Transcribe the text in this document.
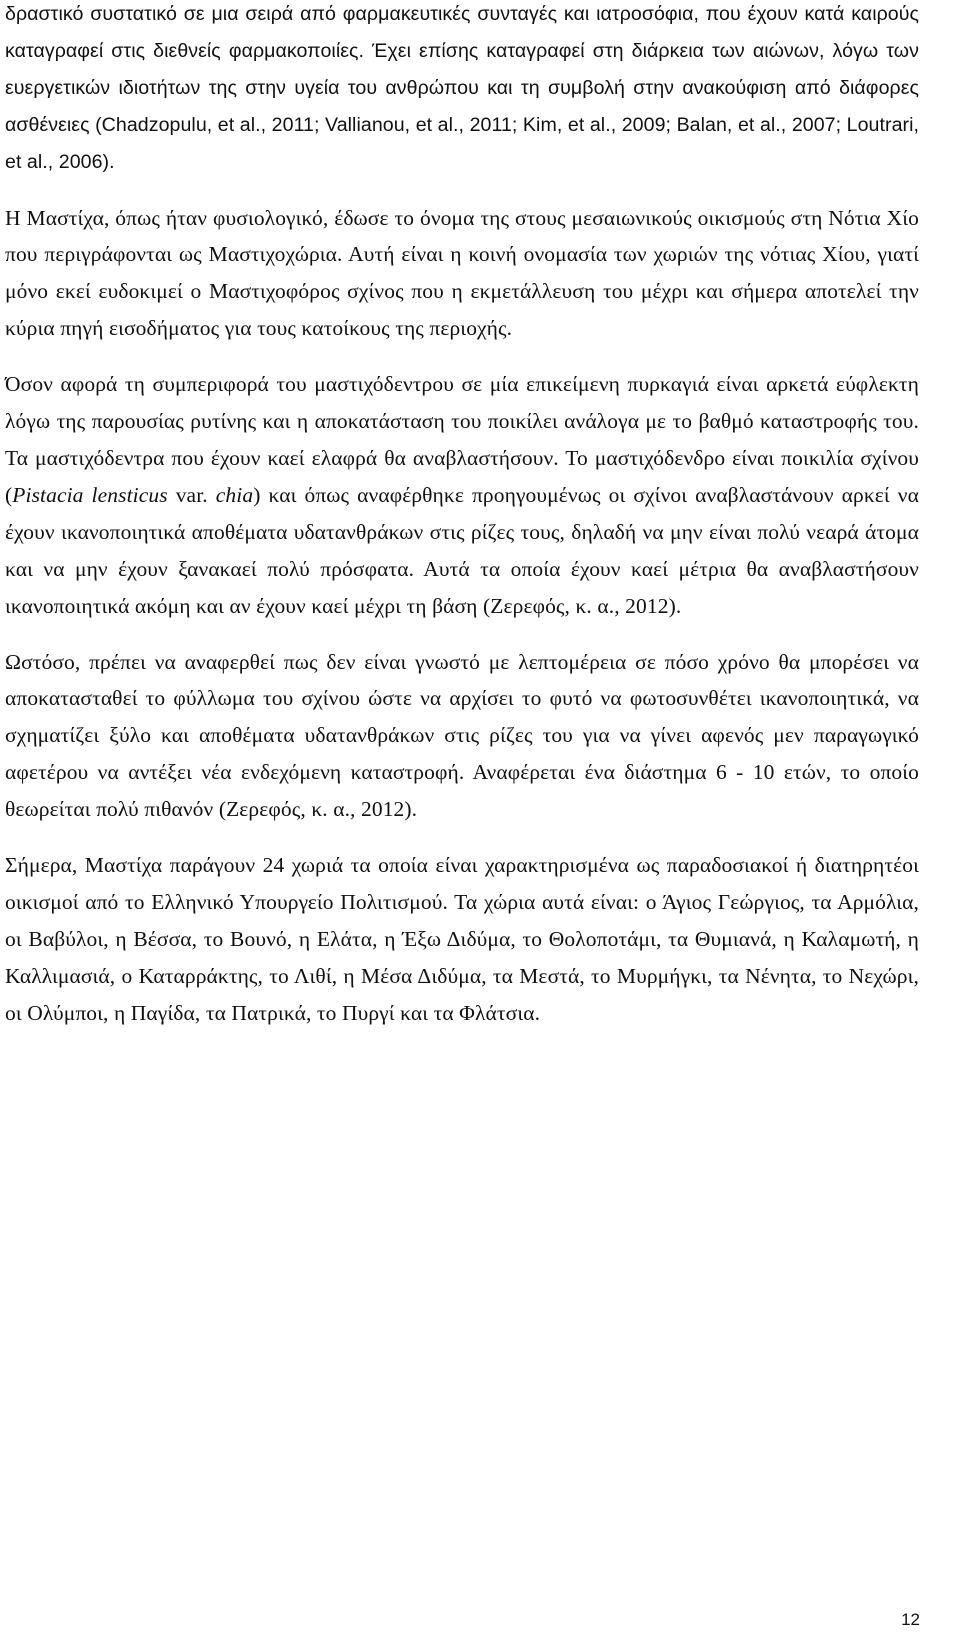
δραστικό συστατικό σε μια σειρά από φαρμακευτικές συνταγές και ιατροσόφια, που έχουν κατά καιρούς καταγραφεί στις διεθνείς φαρμακοποιίες. Έχει επίσης καταγραφεί στη διάρκεια των αιώνων, λόγω των ευεργετικών ιδιοτήτων της στην υγεία του ανθρώπου και τη συμβολή στην ανακούφιση από διάφορες ασθένειες (Chadzopulu, et al., 2011; Vallianou, et al., 2011; Kim, et al., 2009; Balan, et al., 2007; Loutrari, et al., 2006).

Η Μαστίχα, όπως ήταν φυσιολογικό, έδωσε το όνομα της στους μεσαιωνικούς οικισμούς στη Νότια Χίο που περιγράφονται ως Μαστιχοχώρια. Αυτή είναι η κοινή ονομασία των χωριών της νότιας Χίου, γιατί μόνο εκεί ευδοκιμεί ο Μαστιχοφόρος σχίνος που η εκμετάλλευση του μέχρι και σήμερα αποτελεί την κύρια πηγή εισοδήματος για τους κατοίκους της περιοχής.

Όσον αφορά τη συμπεριφορά του μαστιχόδεντρου σε μία επικείμενη πυρκαγιά είναι αρκετά εύφλεκτη λόγω της παρουσίας ρυτίνης και η αποκατάσταση του ποικίλει ανάλογα με το βαθμό καταστροφής του. Τα μαστιχόδεντρα που έχουν καεί ελαφρά θα αναβλαστήσουν. Το μαστιχόδενδρο είναι ποικιλία σχίνου (Pistacia lensticus var. chia) και όπως αναφέρθηκε προηγουμένως οι σχίνοι αναβλαστάνουν αρκεί να έχουν ικανοποιητικά αποθέματα υδατανθράκων στις ρίζες τους, δηλαδή να μην είναι πολύ νεαρά άτομα και να μην έχουν ξανακαεί πολύ πρόσφατα. Αυτά τα οποία έχουν καεί μέτρια θα αναβλαστήσουν ικανοποιητικά ακόμη και αν έχουν καεί μέχρι τη βάση (Ζερεφός, κ. α., 2012).

Ωστόσο, πρέπει να αναφερθεί πως δεν είναι γνωστό με λεπτομέρεια σε πόσο χρόνο θα μπορέσει να αποκατασταθεί το φύλλωμα του σχίνου ώστε να αρχίσει το φυτό να φωτοσυνθέτει ικανοποιητικά, να σχηματίζει ξύλο και αποθέματα υδατανθράκων στις ρίζες του για να γίνει αφενός μεν παραγωγικό αφετέρου να αντέξει νέα ενδεχόμενη καταστροφή. Αναφέρεται ένα διάστημα 6 - 10 ετών, το οποίο θεωρείται πολύ πιθανόν (Ζερεφός, κ. α., 2012).

Σήμερα, Μαστίχα παράγουν 24 χωριά τα οποία είναι χαρακτηρισμένα ως παραδοσιακοί ή διατηρητέοι οικισμοί από το Ελληνικό Υπουργείο Πολιτισμού. Τα χώρια αυτά είναι: ο Άγιος Γεώργιος, τα Αρμόλια, οι Βαβύλοι, η Βέσσα, το Βουνό, η Ελάτα, η Έξω Διδύμα, το Θολοποτάμι, τα Θυμιανά, η Καλαμωτή, η Καλλιμασιά, ο Καταρράκτης, το Λιθί, η Μέσα Διδύμα, τα Μεστά, το Μυρμήγκι, τα Νένητα, το Νεχώρι, οι Ολύμποι, η Παγίδα, τα Πατρικά, το Πυργί και τα Φλάτσια.

12
